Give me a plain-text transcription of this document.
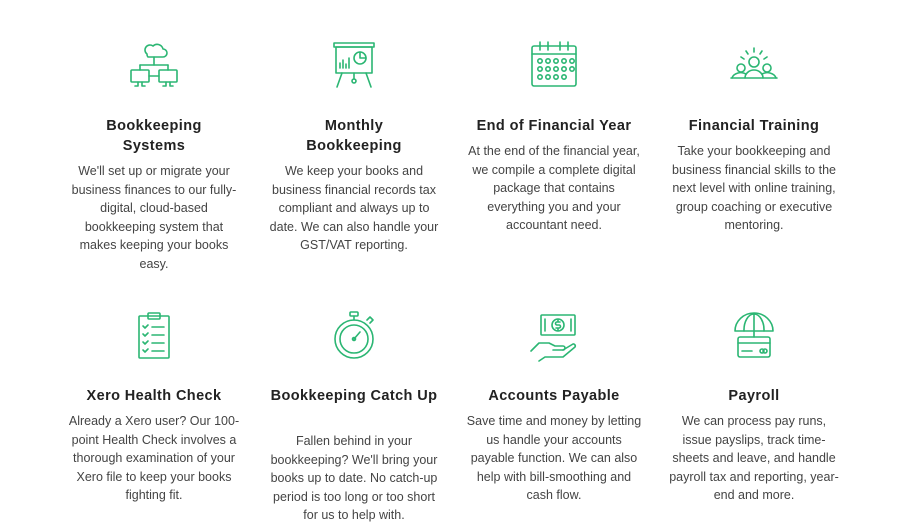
Bookkeeping Systems
We'll set up or migrate your business finances to our fully-digital, cloud-based bookkeeping system that makes keeping your books easy.
Monthly Bookkeeping
We keep your books and business financial records tax compliant and always up to date. We can also handle your GST/VAT reporting.
End of Financial Year
At the end of the financial year, we compile a complete digital package that contains everything you and your accountant need.
Financial Training
Take your bookkeeping and business financial skills to the next level with online training, group coaching or executive mentoring.
Xero Health Check
Already a Xero user? Our 100-point Health Check involves a thorough examination of your Xero file to keep your books fighting fit.
Bookkeeping Catch Up
Fallen behind in your bookkeeping? We'll bring your books up to date. No catch-up period is too long or too short for us to help with.
Accounts Payable
Save time and money by letting us handle your accounts payable function. We can also help with bill-smoothing and cash flow.
Payroll
We can process pay runs, issue payslips, track time-sheets and leave, and handle payroll tax and reporting, year-end and more.
